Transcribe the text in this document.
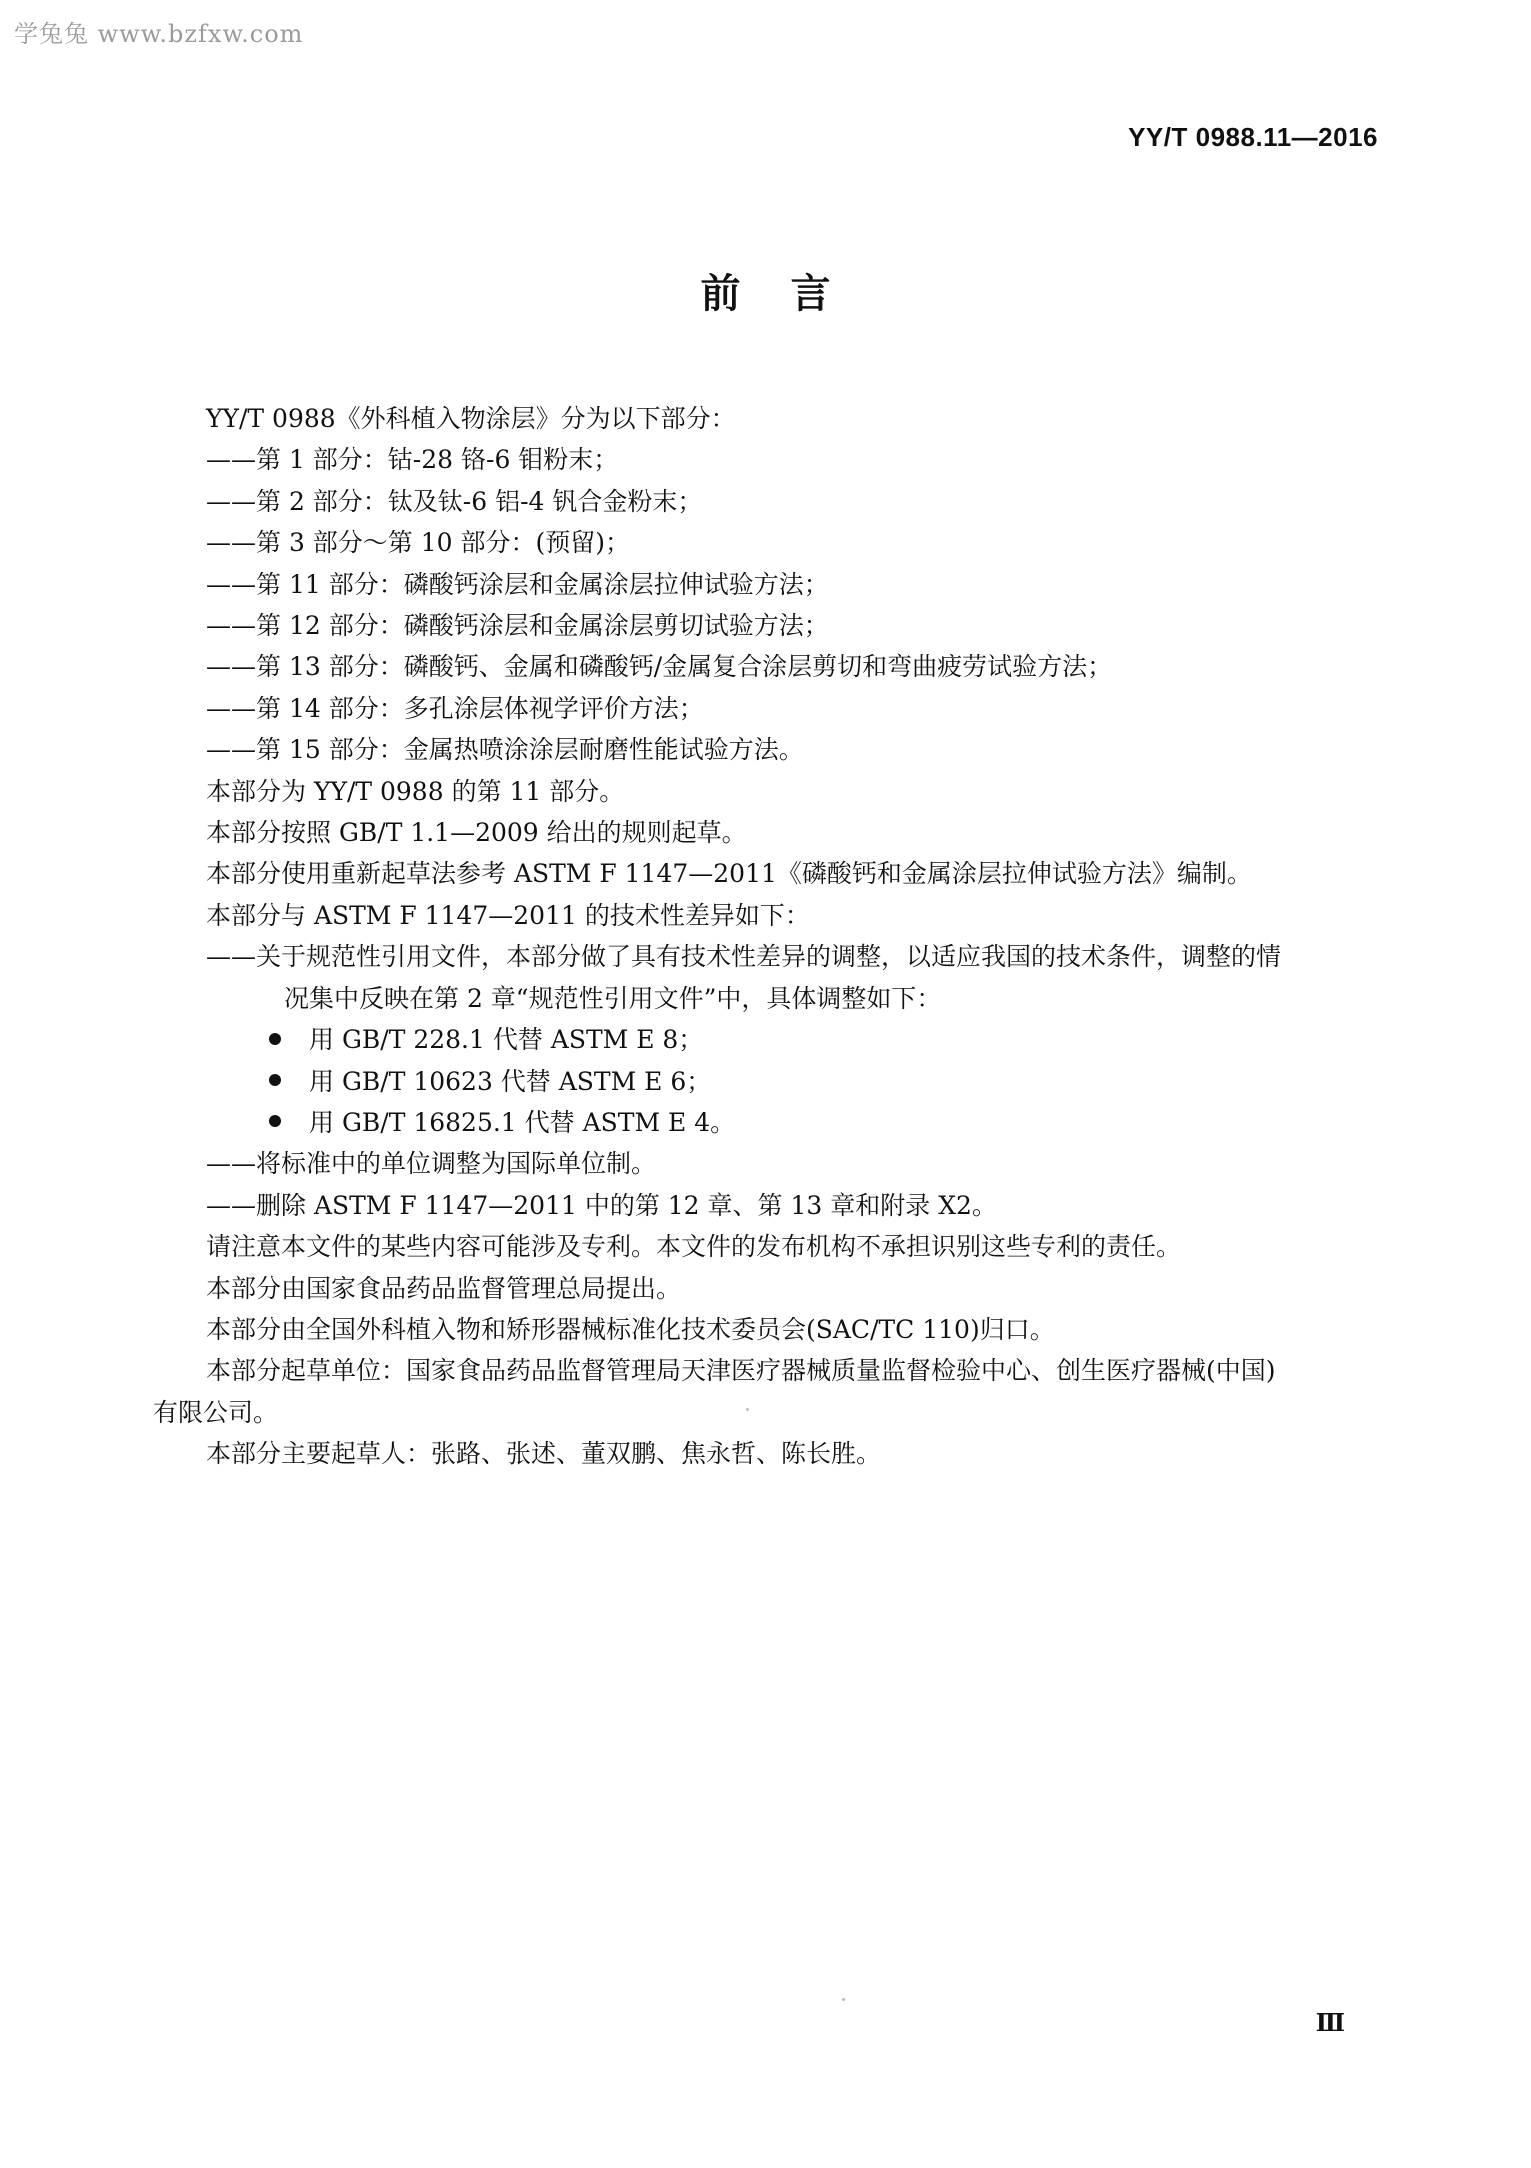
学兔兔 www.bzfxw.com
YY/T 0988.11—2016
前言

YY/T 0988《外科植入物涂层》分为以下部分：

——第 1 部分：钴-28 铬-6 钼粉末；

——第 2 部分：钛及钛-6 铝-4 钒合金粉末；

——第 3 部分～第 10 部分：(预留)；

——第 11 部分：磷酸钙涂层和金属涂层拉伸试验方法；

——第 12 部分：磷酸钙涂层和金属涂层剪切试验方法；

——第 13 部分：磷酸钙、金属和磷酸钙/金属复合涂层剪切和弯曲疲劳试验方法；

——第 14 部分：多孔涂层体视学评价方法；

——第 15 部分：金属热喷涂涂层耐磨性能试验方法。

本部分为 YY/T 0988 的第 11 部分。

本部分按照 GB/T 1.1—2009 给出的规则起草。

本部分使用重新起草法参考 ASTM F 1147—2011《磷酸钙和金属涂层拉伸试验方法》编制。

本部分与 ASTM F 1147—2011 的技术性差异如下：

——关于规范性引用文件，本部分做了具有技术性差异的调整，以适应我国的技术条件，调整的情
况集中反映在第 2 章“规范性引用文件”中，具体调整如下：

用 GB/T 228.1 代替 ASTM E 8；

用 GB/T 10623 代替 ASTM E 6；

用 GB/T 16825.1 代替 ASTM E 4。

——将标准中的单位调整为国际单位制。

——删除 ASTM F 1147—2011 中的第 12 章、第 13 章和附录 X2。

请注意本文件的某些内容可能涉及专利。本文件的发布机构不承担识别这些专利的责任。

本部分由国家食品药品监督管理总局提出。

本部分由全国外科植入物和矫形器械标准化技术委员会(SAC/TC 110)归口。

本部分起草单位：国家食品药品监督管理局天津医疗器械质量监督检验中心、创生医疗器械(中国)

有限公司。

本部分主要起草人：张路、张述、董双鹏、焦永哲、陈长胜。

Ⅲ
